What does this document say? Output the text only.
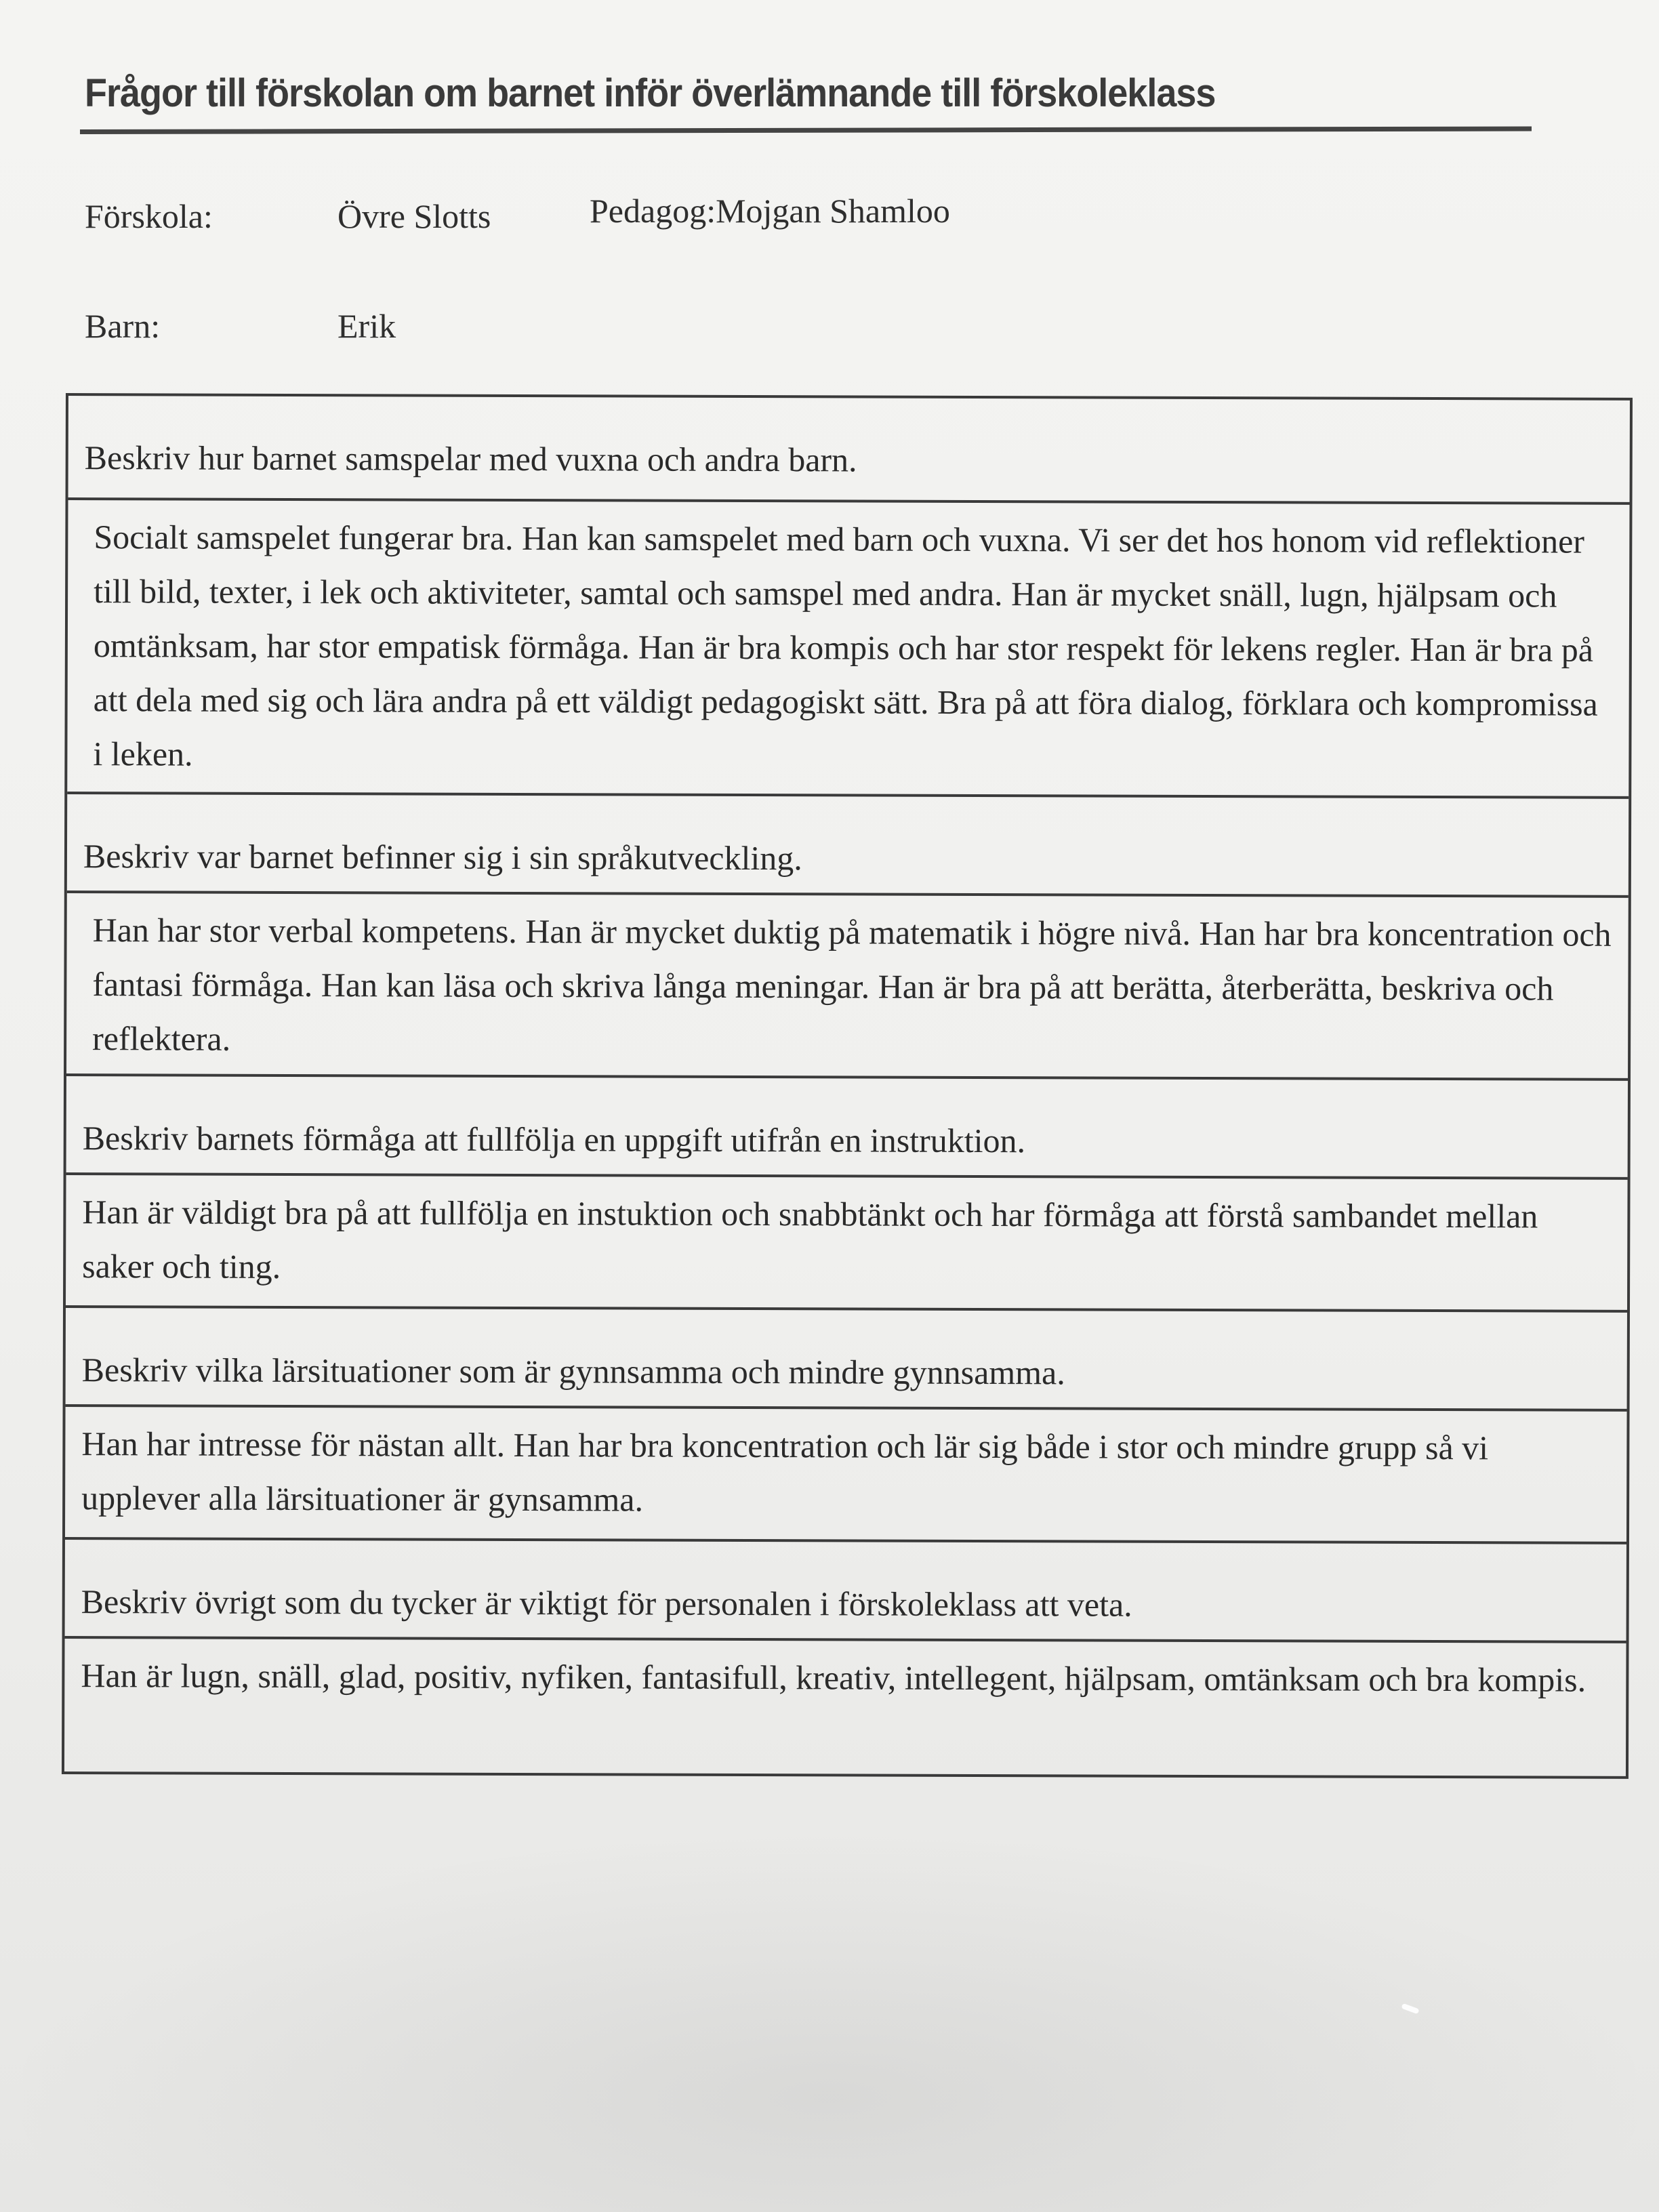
Frågor till förskolan om barnet inför överlämnande till förskoleklass
Förskola:	Övre Slotts	Pedagog:Mojgan Shamloo
Barn:	Erik
Beskriv hur barnet samspelar med vuxna och andra barn.
Socialt samspelet fungerar bra. Han kan samspelet med barn och vuxna. Vi ser det hos honom vid reflektioner till bild, texter, i lek och aktiviteter, samtal och samspel med andra. Han är mycket snäll, lugn, hjälpsam och omtänksam, har stor empatisk förmåga. Han är bra kompis och har stor respekt för lekens regler. Han är bra på att dela med sig och lära andra på ett väldigt pedagogiskt sätt. Bra på att föra dialog, förklara och kompromissa i leken.
Beskriv var barnet befinner sig i sin språkutveckling.
Han har stor verbal kompetens. Han är mycket duktig på matematik i högre nivå. Han har bra koncentration och fantasi förmåga. Han kan läsa och skriva långa meningar. Han är bra på att berätta, återberätta, beskriva och reflektera.
Beskriv barnets förmåga att fullfölja en uppgift utifrån en instruktion.
Han är väldigt bra på att fullfölja en instuktion och snabbtänkt och har förmåga att förstå sambandet mellan saker och ting.
Beskriv vilka lärsituationer som är gynnsamma och mindre gynnsamma.
Han har intresse för nästan allt. Han har bra koncentration och lär sig både i stor och mindre grupp så vi upplever alla lärsituationer är gynsamma.
Beskriv övrigt som du tycker är viktigt för personalen i förskoleklass att veta.
Han är lugn, snäll, glad, positiv, nyfiken, fantasifull, kreativ, intellegent, hjälpsam, omtänksam och bra kompis.
